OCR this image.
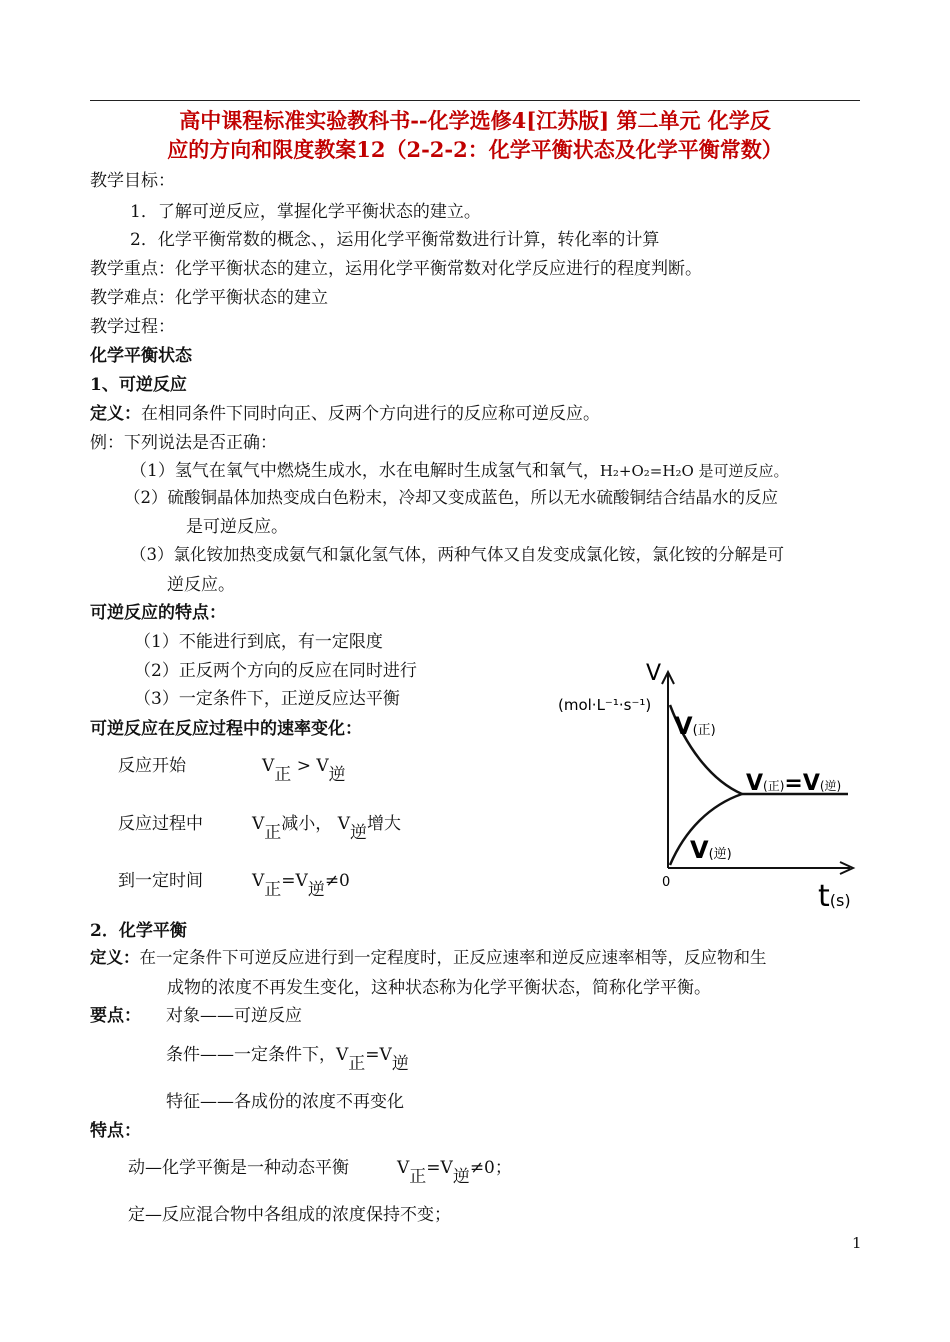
高中课程标准实验教科书--化学选修4[江苏版] 第二单元 化学反
应的方向和限度教案12（2-2-2：化学平衡状态及化学平衡常数）
教学目标：
1．了解可逆反应，掌握化学平衡状态的建立。
2．化学平衡常数的概念、，运用化学平衡常数进行计算，转化率的计算
教学重点：化学平衡状态的建立，运用化学平衡常数对化学反应进行的程度判断。
教学难点：化学平衡状态的建立
教学过程：
化学平衡状态
1、可逆反应
定义：在相同条件下同时向正、反两个方向进行的反应称可逆反应。
例：下列说法是否正确：
（1）氢气在氧气中燃烧生成水，水在电解时生成氢气和氧气，H₂+O₂=H₂O 是可逆反应。
（2）硫酸铜晶体加热变成白色粉末，冷却又变成蓝色，所以无水硫酸铜结合结晶水的反应
是可逆反应。
（3）氯化铵加热变成氨气和氯化氢气体，两种气体又自发变成氯化铵，氯化铵的分解是可
逆反应。
可逆反应的特点：
（1）不能进行到底，有一定限度
（2）正反两个方向的反应在同时进行
（3）一定条件下，正逆反应达平衡
可逆反应在反应过程中的速率变化：
反应开始	V正 > V逆
反应过程中	V正减小， V逆增大
到一定时间	V正=V逆≠0
V
(mol·L⁻¹·s⁻¹)
V(正)
V(逆)
V(正)=V(逆)
0	t(s)
2．化学平衡
定义：在一定条件下可逆反应进行到一定程度时，正反应速率和逆反应速率相等，反应物和生
成物的浓度不再发生变化，这种状态称为化学平衡状态，简称化学平衡。
要点： 对象——可逆反应
条件——一定条件下，V正=V逆
特征——各成份的浓度不再变化
特点：
动—化学平衡是一种动态平衡	V正=V逆≠0；
定—反应混合物中各组成的浓度保持不变；
1
